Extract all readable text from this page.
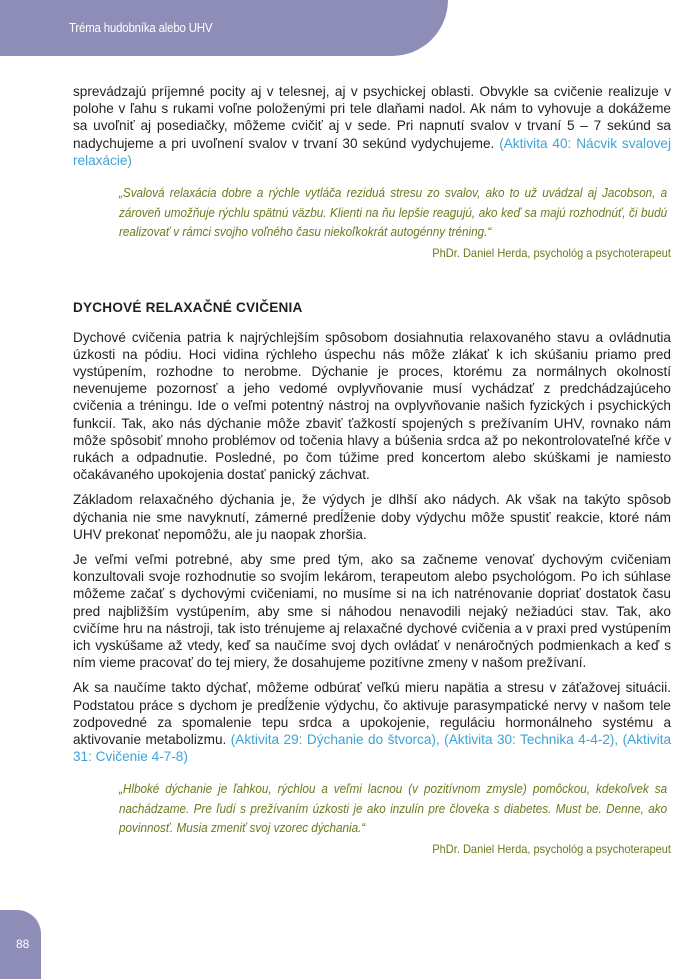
Tréma hudobníka alebo UHV

sprevádzajú príjemné pocity aj v telesnej, aj v psychickej oblasti. Obvykle sa cvičenie realizuje v polohe v ľahu s rukami voľne položenými pri tele dlaňami nadol. Ak nám to vyhovuje a dokážeme sa uvoľniť aj posediačky, môžeme cvičiť aj v sede. Pri napnutí svalov v trvaní 5 – 7 sekúnd sa nadychujeme a pri uvoľnení svalov v trvaní 30 sekúnd vydychujeme. (Aktivita 40: Nácvik svalovej relaxácie)

„Svalová relaxácia dobre a rýchle vytláča reziduá stresu zo svalov, ako to už uvádzal aj Jacobson, a zároveň umožňuje rýchlu spätnú väzbu. Klienti na ňu lepšie reagujú, ako keď sa majú rozhodnúť, či budú realizovať v rámci svojho voľného času niekoľkokrát autogénny tréning.“

PhDr. Daniel Herda, psychológ a psychoterapeut

DYCHOVÉ RELAXAČNÉ CVIČENIA

Dychové cvičenia patria k najrýchlejším spôsobom dosiahnutia relaxovaného stavu a ovládnutia úzkosti na pódiu. Hoci vidina rýchleho úspechu nás môže zlákať k ich skúšaniu priamo pred vystúpením, rozhodne to nerobme. Dýchanie je proces, ktorému za normálnych okolností nevenujeme pozornosť a jeho vedomé ovplyvňovanie musí vychádzať z predchádzajúceho cvičenia a tréningu. Ide o veľmi potentný nástroj na ovplyvňovanie našich fyzických i psychických funkcií. Tak, ako nás dýchanie môže zbaviť ťažkostí spojených s prežívaním UHV, rovnako nám môže spôsobiť mnoho problémov od točenia hlavy a búšenia srdca až po nekontrolovateľné kŕče v rukách a odpadnutie. Posledné, po čom túžime pred koncertom alebo skúškami je namiesto očakávaného upokojenia dostať panický záchvat.

Základom relaxačného dýchania je, že výdych je dlhší ako nádych. Ak však na takýto spôsob dýchania nie sme navyknutí, zámerné predĺženie doby výdychu môže spustiť reakcie, ktoré nám UHV prekonať nepomôžu, ale ju naopak zhoršia.

Je veľmi veľmi potrebné, aby sme pred tým, ako sa začneme venovať dychovým cvičeniam konzultovali svoje rozhodnutie so svojím lekárom, terapeutom alebo psychológom. Po ich súhlase môžeme začať s dychovými cvičeniami, no musíme si na ich natrénovanie dopriať dostatok času pred najbližším vystúpením, aby sme si náhodou nenavodili nejaký nežiadúci stav. Tak, ako cvičíme hru na nástroji, tak isto trénujeme aj relaxačné dychové cvičenia a v praxi pred vystúpením ich vyskúšame až vtedy, keď sa naučíme svoj dych ovládať v nenáročných podmienkach a keď s ním vieme pracovať do tej miery, že dosahujeme pozitívne zmeny v našom prežívaní.

Ak sa naučíme takto dýchať, môžeme odbúrať veľkú mieru napätia a stresu v záťažovej situácii. Podstatou práce s dychom je predĺženie výdychu, čo aktivuje parasympatické nervy v našom tele zodpovedné za spomalenie tepu srdca a upokojenie, reguláciu hormonálneho systému a aktivovanie metabolizmu. (Aktivita 29: Dýchanie do štvorca), (Aktivita 30: Technika 4-4-2), (Aktivita 31: Cvičenie 4-7-8)

„Hlboké dýchanie je ľahkou, rýchlou a veľmi lacnou (v pozitívnom zmysle) pomôckou, kdekoľvek sa nachádzame. Pre ľudí s prežívaním úzkosti je ako inzulín pre človeka s diabetes. Must be. Denne, ako povinnosť. Musia zmeniť svoj vzorec dýchania.“

PhDr. Daniel Herda, psychológ a psychoterapeut

88
